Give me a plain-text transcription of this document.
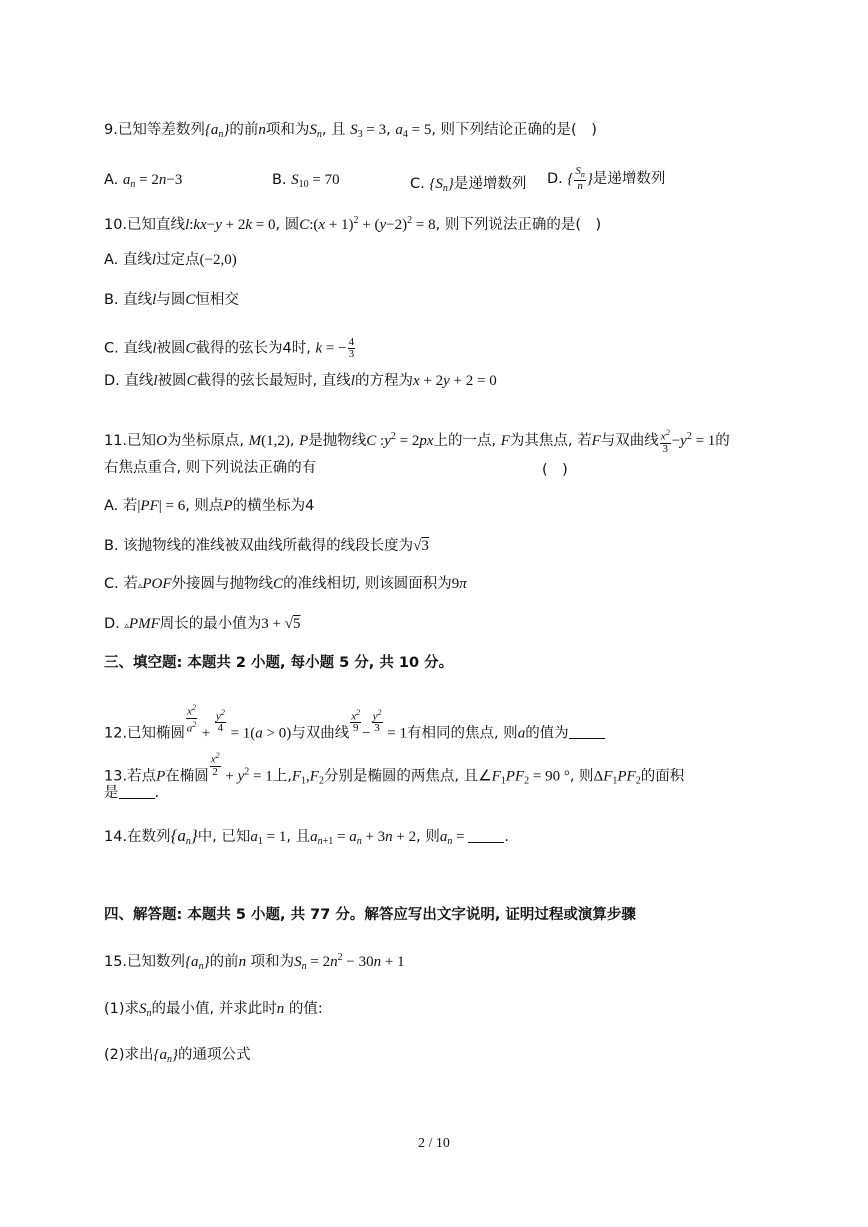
9.已知等差数列$\{a_n\}$的前n项和为$S_n$, 且 $S_3 = 3$, $a_4 = 5$, 则下列结论正确的是(　)
A. $a_n = 2n-3$	B. $S_{10} = 70$	C. $\{S_n\}$是递增数列 D. { $\frac{S_n}{n}$ }是递增数列
10.已知直线l:kx−y + 2k = 0, 圆C:(x + $1)^2 + (y-2)^2 = 8$, 则下列说法正确的是(　)
A. 直线l过定点(−2,0)
B. 直线l与圆C恒相交
C. 直线l被圆C截得的弦长为4时, k = − $\frac{4}{3}$
D. 直线l被圆C截得的弦长最短时, 直线l的方程为x + 2y + 2 = 0
11.已知O为坐标原点, M(1,2), P是抛物线C $:y^2 = 2px$上的一点, F为其焦点, 若F与双曲线 $\frac{x^2}{3} -y^2 = 1$的
右焦点重合, 则下列说法正确的有	(　)
A. 若|PF| = 6, 则点P的横坐标为4
B. 该抛物线的准线被双曲线所截得的线段长度为√3
C. 若▵POF外接圆与抛物线C的准线相切, 则该圆面积为9π
D. ▵PMF周长的最小值为3 + √5
三、填空题: 本题共 2 小题, 每小题 5 分, 共 10 分。
12.已知椭圆 $\frac{x^2}{a^2} + \frac{y^2}{4} = 1(a > 0)$与双曲线 $\frac{x^2}{9} - \frac{y^2}{3} = 1$有相同的焦点, 则a的值为
13.若点P在椭圆 $\frac{x^2}{2} + y^2 = 1$上$,F_1,F_2$分别是椭圆的两焦点, 且$\angle F_1PF_2 = 90$ °, 则$\Delta F_1PF_2$的面积
是 .
14.在数列$\{a_n\}$中, 已知$a_1 = 1$, 且$a_{n+1} = a_n + 3n + 2$, 则$a_n$ = .
四、解答题: 本题共 5 小题, 共 77 分。解答应写出文字说明, 证明过程或演算步骤
15.已知数列$\{a_n\}$的前n 项和为$S_n = 2n^2 - 30n + 1$
(1)求$S_n$的最小值, 并求此时n 的值:
(2)求出$\{a_n\}$的通项公式
2 / 10
